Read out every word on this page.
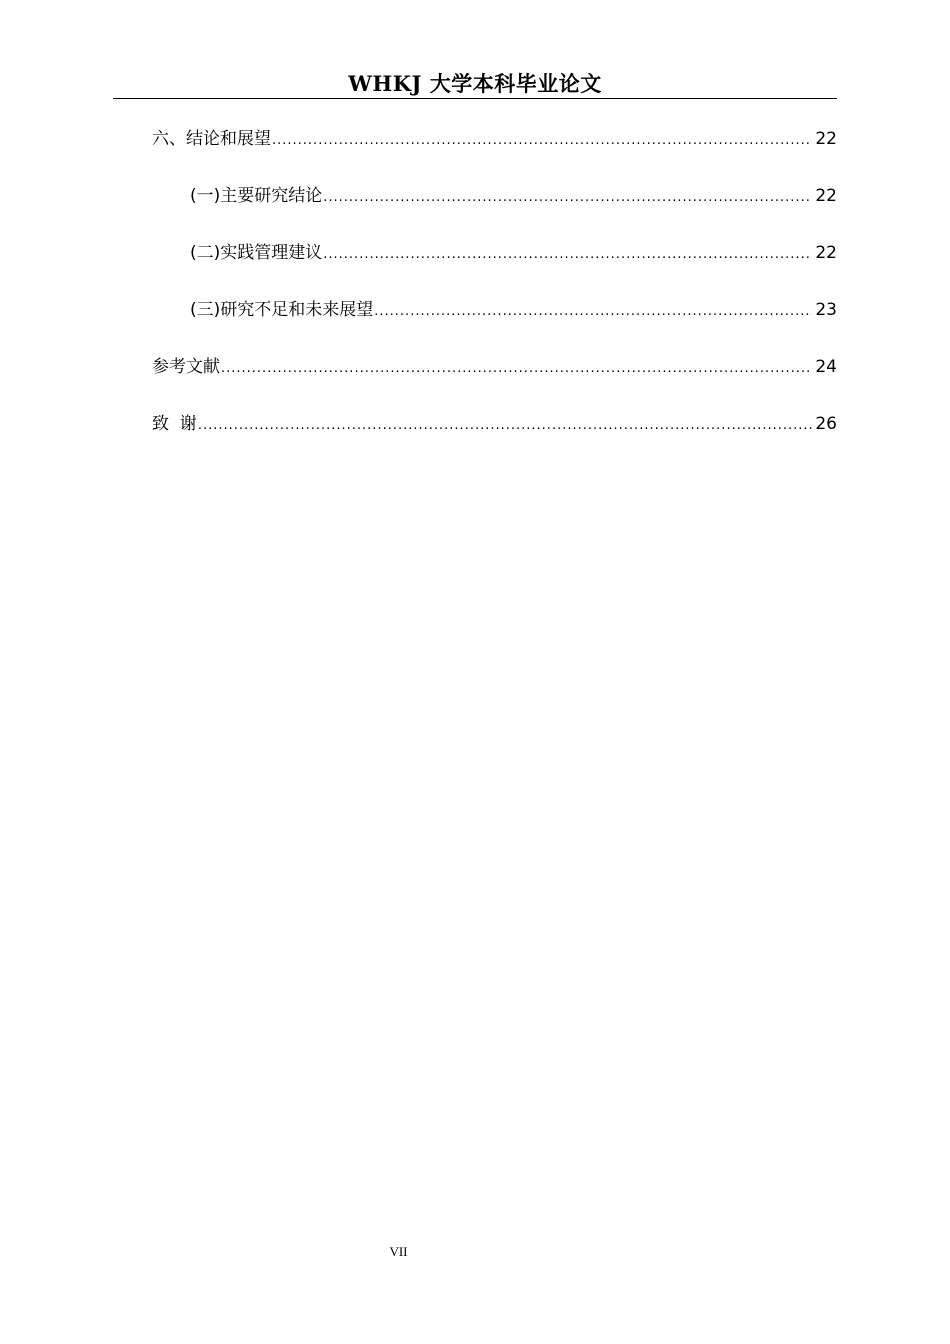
WHKJ 大学本科毕业论文
六、结论和展望 .....	22
(一)主要研究结论 .....	22
(二)实践管理建议 .....	22
(三)研究不足和未来展望 .....	23
参考文献 .....	24
致  谢 .....	26
VII
